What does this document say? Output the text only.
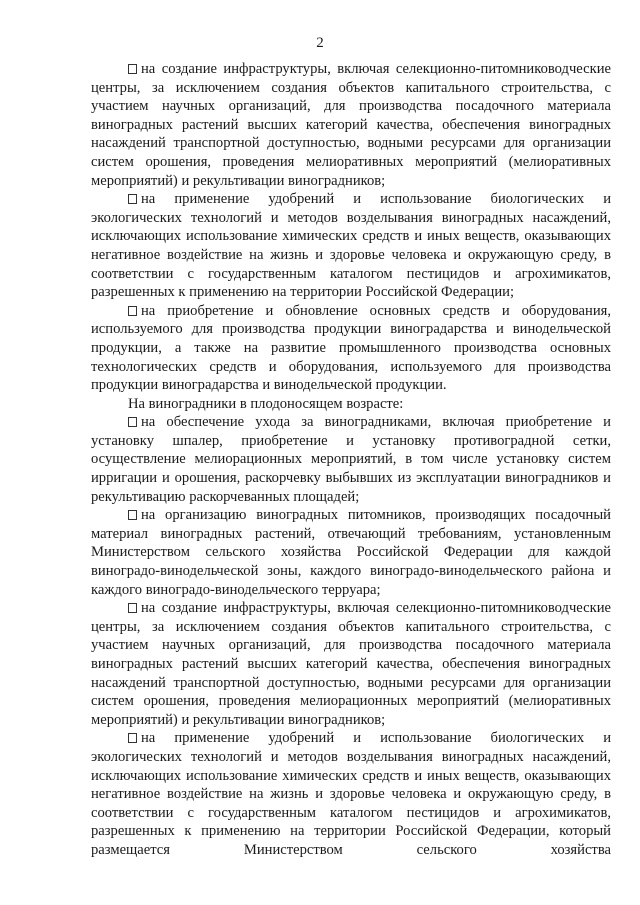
2

на создание инфраструктуры, включая селекционно-питомниководческие центры, за исключением создания объектов капитального строительства, с участием научных организаций, для производства посадочного материала виноградных растений высших категорий качества, обеспечения виноградных насаждений транспортной доступностью, водными ресурсами для организации систем орошения, проведения мелиоративных мероприятий (мелиоративных мероприятий) и рекультивации виноградников;

на применение удобрений и использование биологических и экологических технологий и методов возделывания виноградных насаждений, исключающих использование химических средств и иных веществ, оказывающих негативное воздействие на жизнь и здоровье человека и окружающую среду, в соответствии с государственным каталогом пестицидов и агрохимикатов, разрешенных к применению на территории Российской Федерации;

на приобретение и обновление основных средств и оборудования, используемого для производства продукции виноградарства и винодельческой продукции, а также на развитие промышленного производства основных технологических средств и оборудования, используемого для производства продукции виноградарства и винодельческой продукции.

На виноградники в плодоносящем возрасте:

на обеспечение ухода за виноградниками, включая приобретение и установку шпалер, приобретение и установку противоградной сетки, осуществление мелиорационных мероприятий, в том числе установку систем ирригации и орошения, раскорчевку выбывших из эксплуатации виноградников и рекультивацию раскорчеванных площадей;

на организацию виноградных питомников, производящих посадочный материал виноградных растений, отвечающий требованиям, установленным Министерством сельского хозяйства Российской Федерации для каждой виноградо-винодельческой зоны, каждого виноградо-винодельческого района и каждого виноградо-винодельческого терруара;

на создание инфраструктуры, включая селекционно-питомниководческие центры, за исключением создания объектов капитального строительства, с участием научных организаций, для производства посадочного материала виноградных растений высших категорий качества, обеспечения виноградных насаждений транспортной доступностью, водными ресурсами для организации систем орошения, проведения мелиорационных мероприятий (мелиоративных мероприятий) и рекультивации виноградников;

на применение удобрений и использование биологических и экологических технологий и методов возделывания виноградных насаждений, исключающих использование химических средств и иных веществ, оказывающих негативное воздействие на жизнь и здоровье человека и окружающую среду, в соответствии с государственным каталогом пестицидов и агрохимикатов, разрешенных к применению на территории Российской Федерации, который размещается Министерством сельского хозяйства
